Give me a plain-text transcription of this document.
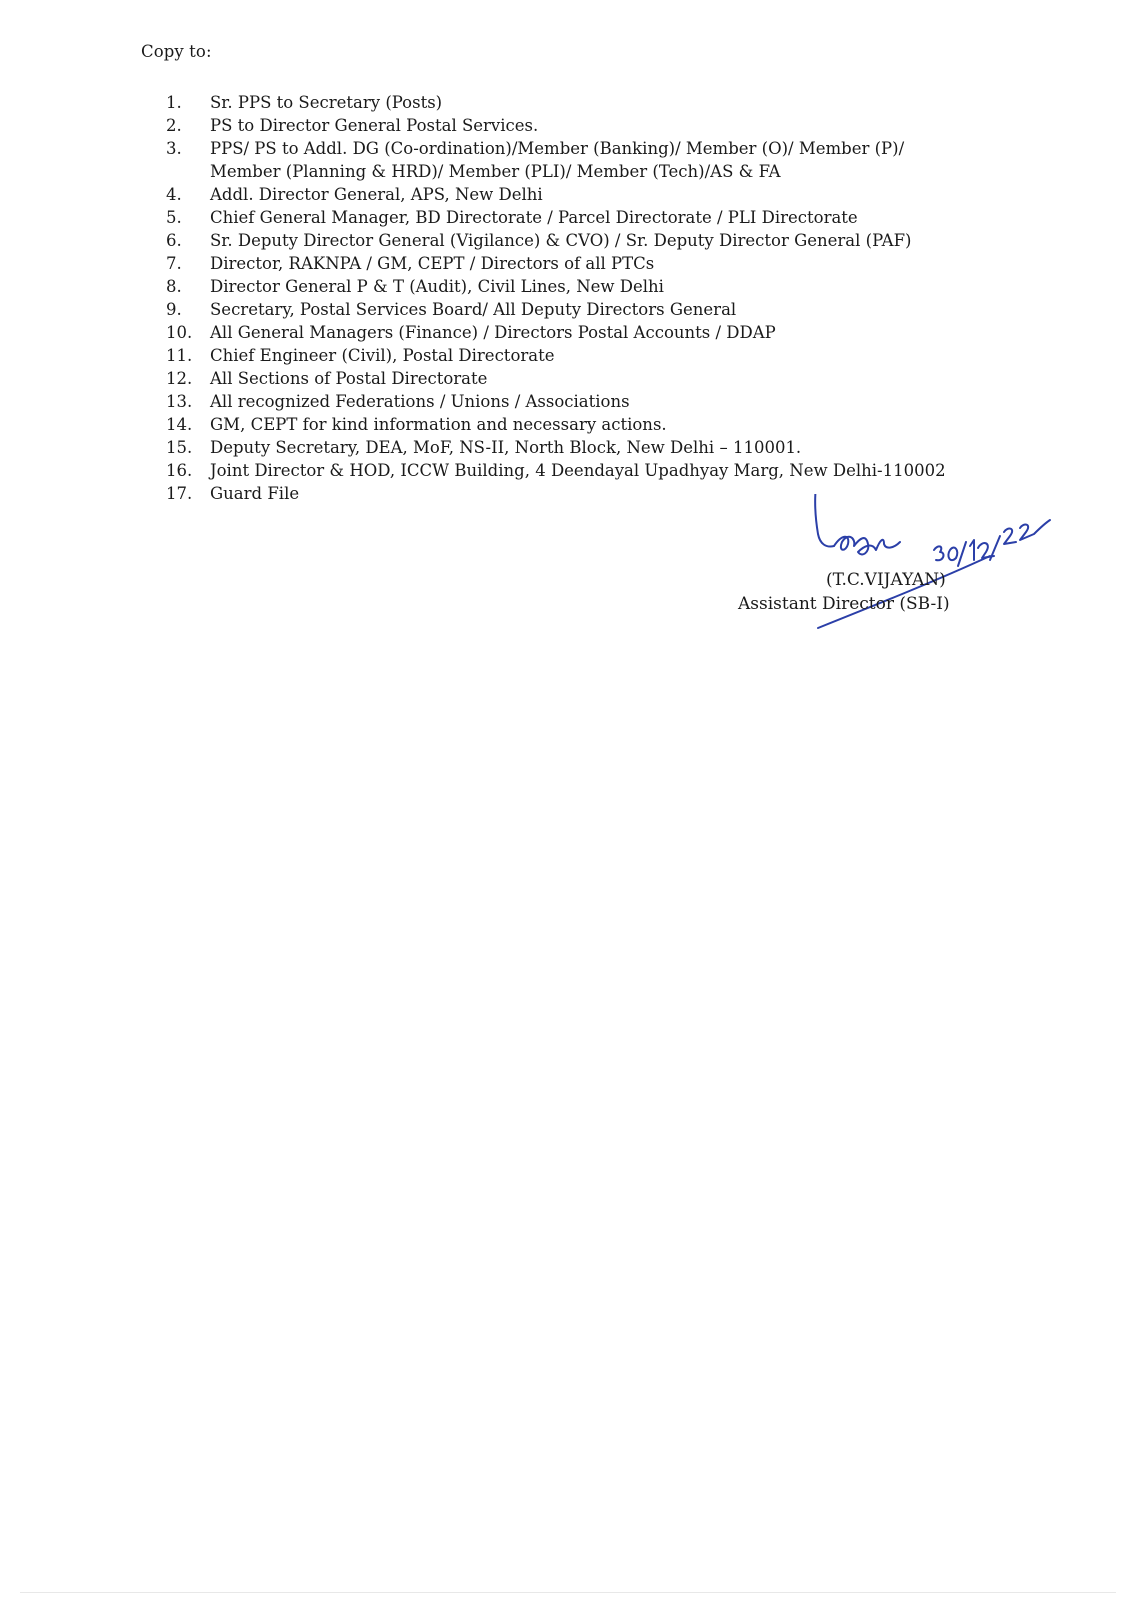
Copy to:
1.	Sr. PPS to Secretary (Posts)
2.	PS to Director General Postal Services.
3.	PPS/ PS to Addl. DG (Co-ordination)/Member (Banking)/ Member (O)/ Member (P)/
Member (Planning & HRD)/ Member (PLI)/ Member (Tech)/AS & FA
4.	Addl. Director General, APS, New Delhi
5.	Chief General Manager, BD Directorate / Parcel Directorate / PLI Directorate
6.	Sr. Deputy Director General (Vigilance) & CVO) / Sr. Deputy Director General (PAF)
7.	Director, RAKNPA / GM, CEPT / Directors of all PTCs
8.	Director General P & T (Audit), Civil Lines, New Delhi
9.	Secretary, Postal Services Board/ All Deputy Directors General
10.	All General Managers (Finance) / Directors Postal Accounts / DDAP
11.	Chief Engineer (Civil), Postal Directorate
12.	All Sections of Postal Directorate
13.	All recognized Federations / Unions / Associations
14.	GM, CEPT for kind information and necessary actions.
15.	Deputy Secretary, DEA, MoF, NS-II, North Block, New Delhi – 110001.
16.	Joint Director & HOD, ICCW Building, 4 Deendayal Upadhyay Marg, New Delhi-110002
17.	Guard File
(T.C.VIJAYAN)
Assistant Director (SB-I)
